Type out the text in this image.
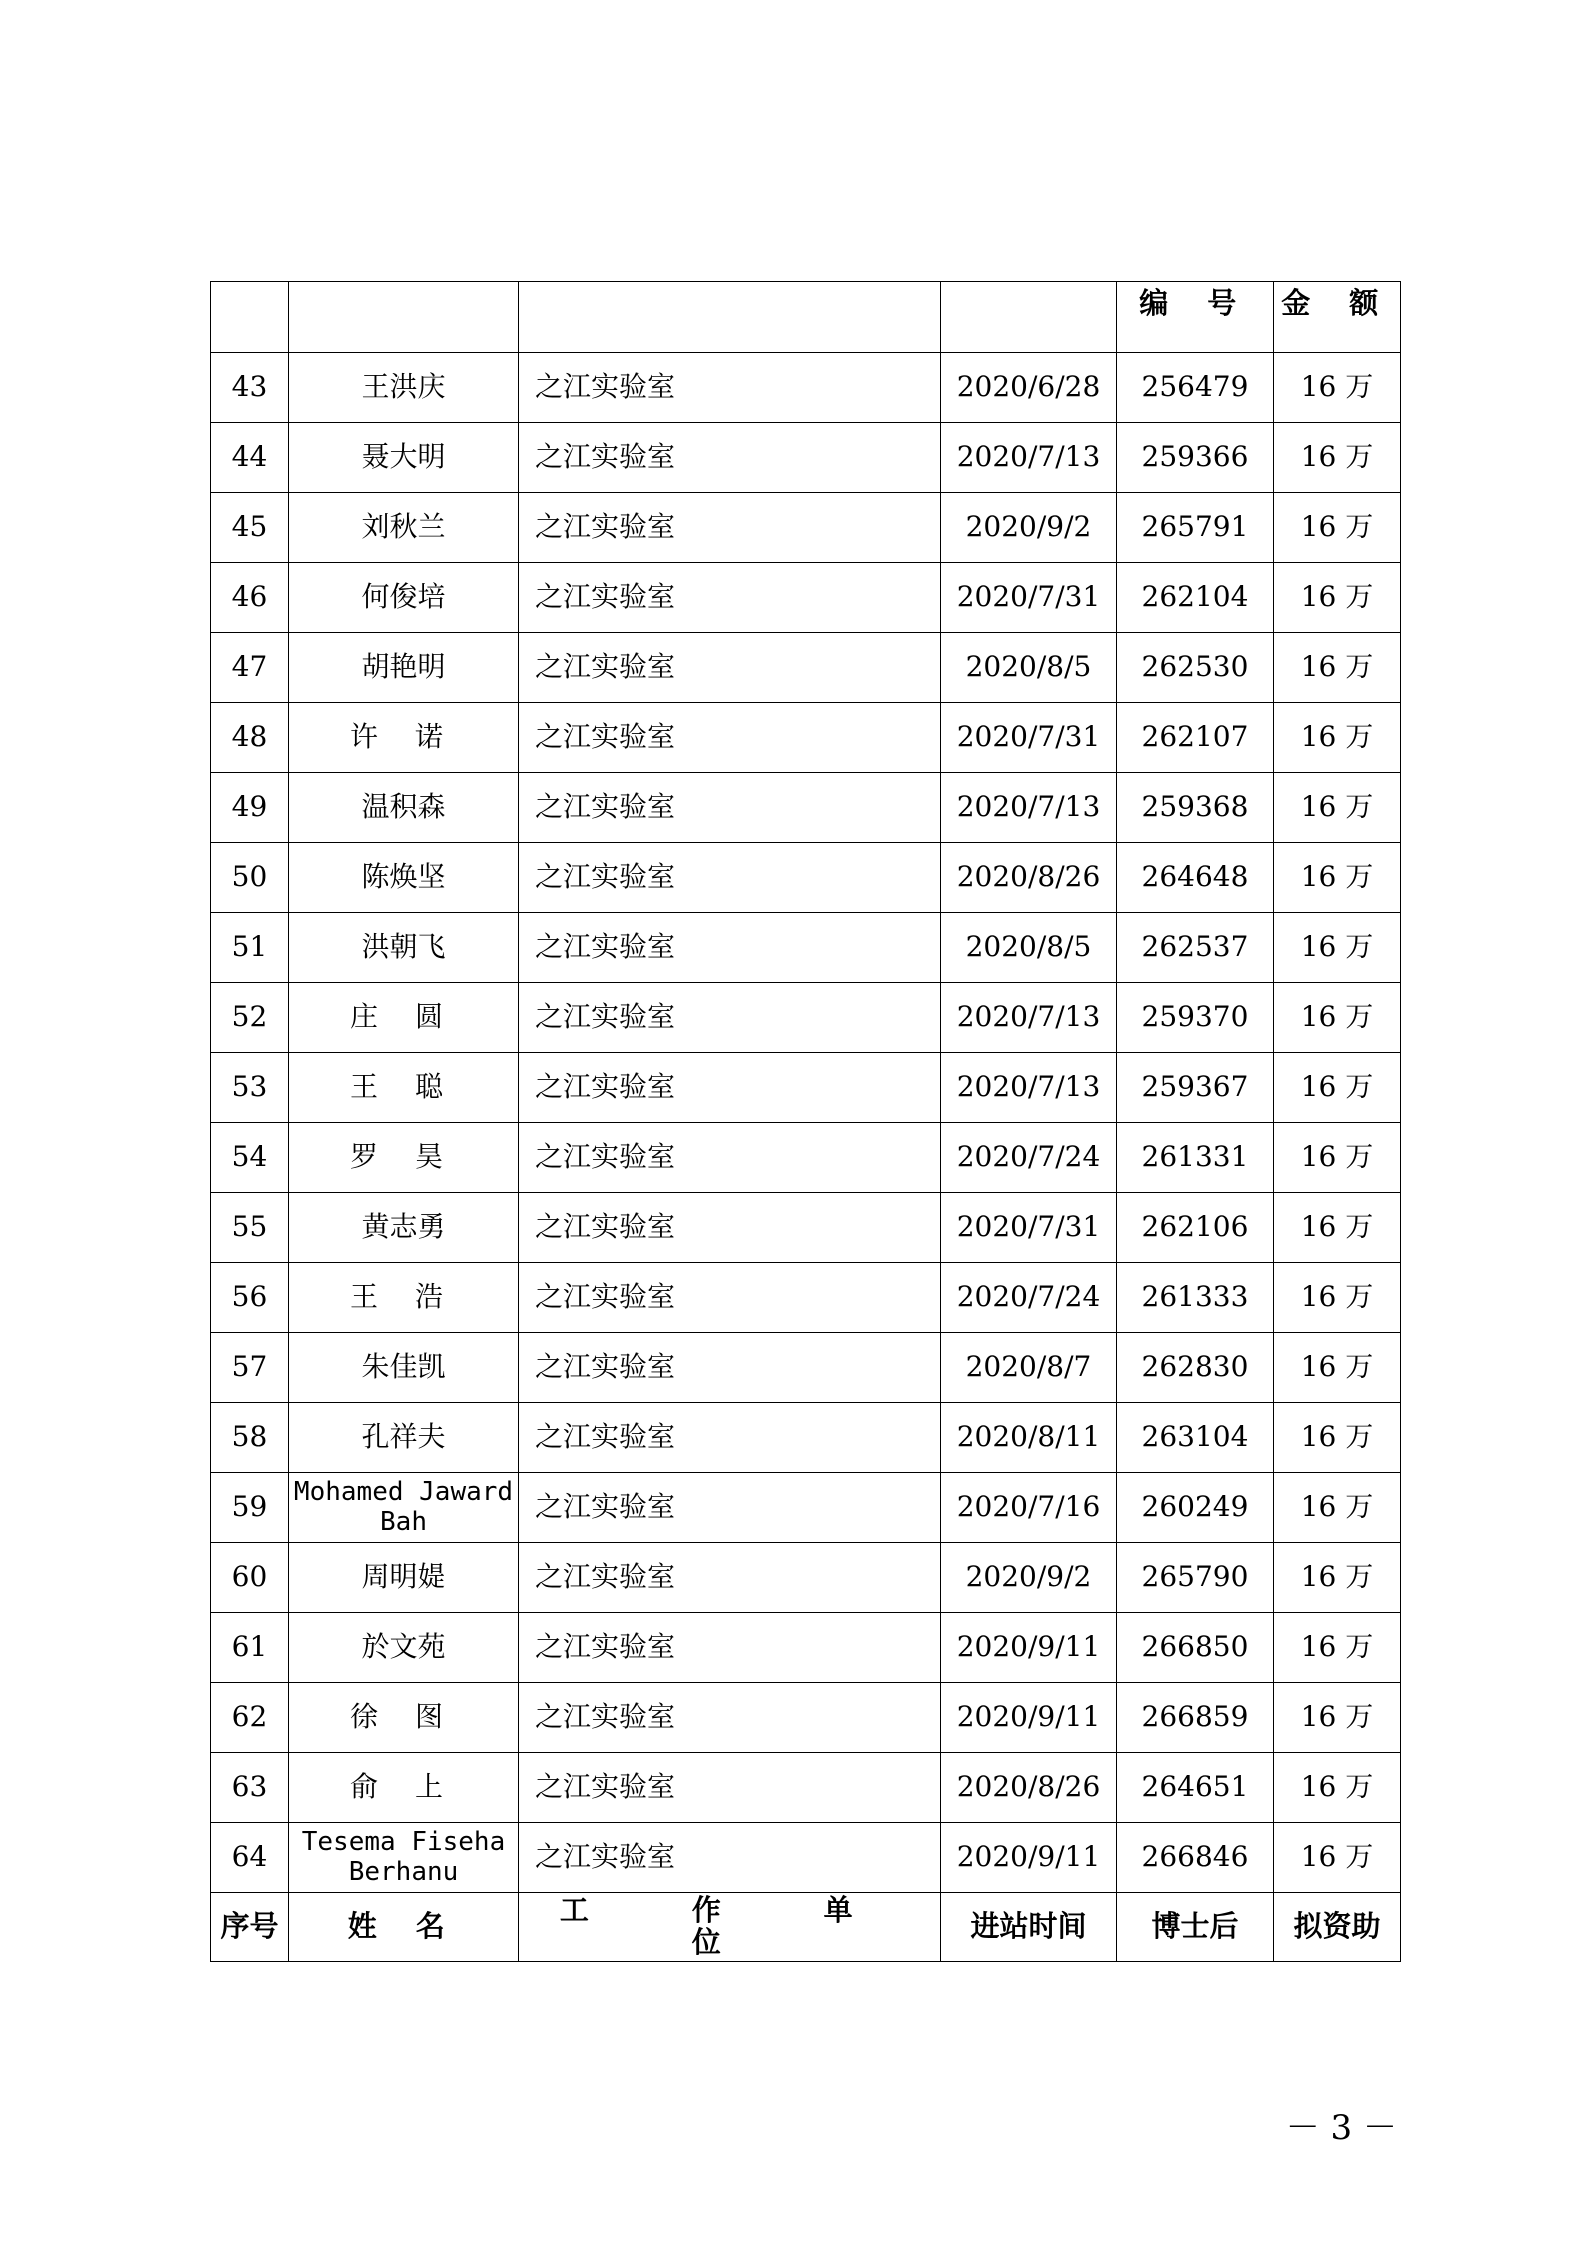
				编 号	金 额
43	王洪庆	之江实验室	2020/6/28	256479	16 万
44	聂大明	之江实验室	2020/7/13	259366	16 万
45	刘秋兰	之江实验室	2020/9/2	265791	16 万
46	何俊培	之江实验室	2020/7/31	262104	16 万
47	胡艳明	之江实验室	2020/8/5	262530	16 万
48	许 诺	之江实验室	2020/7/31	262107	16 万
49	温积森	之江实验室	2020/7/13	259368	16 万
50	陈焕坚	之江实验室	2020/8/26	264648	16 万
51	洪朝飞	之江实验室	2020/8/5	262537	16 万
52	庄 圆	之江实验室	2020/7/13	259370	16 万
53	王 聪	之江实验室	2020/7/13	259367	16 万
54	罗 昊	之江实验室	2020/7/24	261331	16 万
55	黄志勇	之江实验室	2020/7/31	262106	16 万
56	王 浩	之江实验室	2020/7/24	261333	16 万
57	朱佳凯	之江实验室	2020/8/7	262830	16 万
58	孔祥夫	之江实验室	2020/8/11	263104	16 万
59	Mohamed Jaward Bah	之江实验室	2020/7/16	260249	16 万
60	周明媞	之江实验室	2020/9/2	265790	16 万
61	於文苑	之江实验室	2020/9/11	266850	16 万
62	徐 图	之江实验室	2020/9/11	266859	16 万
63	俞 上	之江实验室	2020/8/26	264651	16 万
64	Tesema Fiseha Berhanu	之江实验室	2020/9/11	266846	16 万
序号	姓 名	工 作 单 位	进站时间	博士后	拟资助
－ 3 －
